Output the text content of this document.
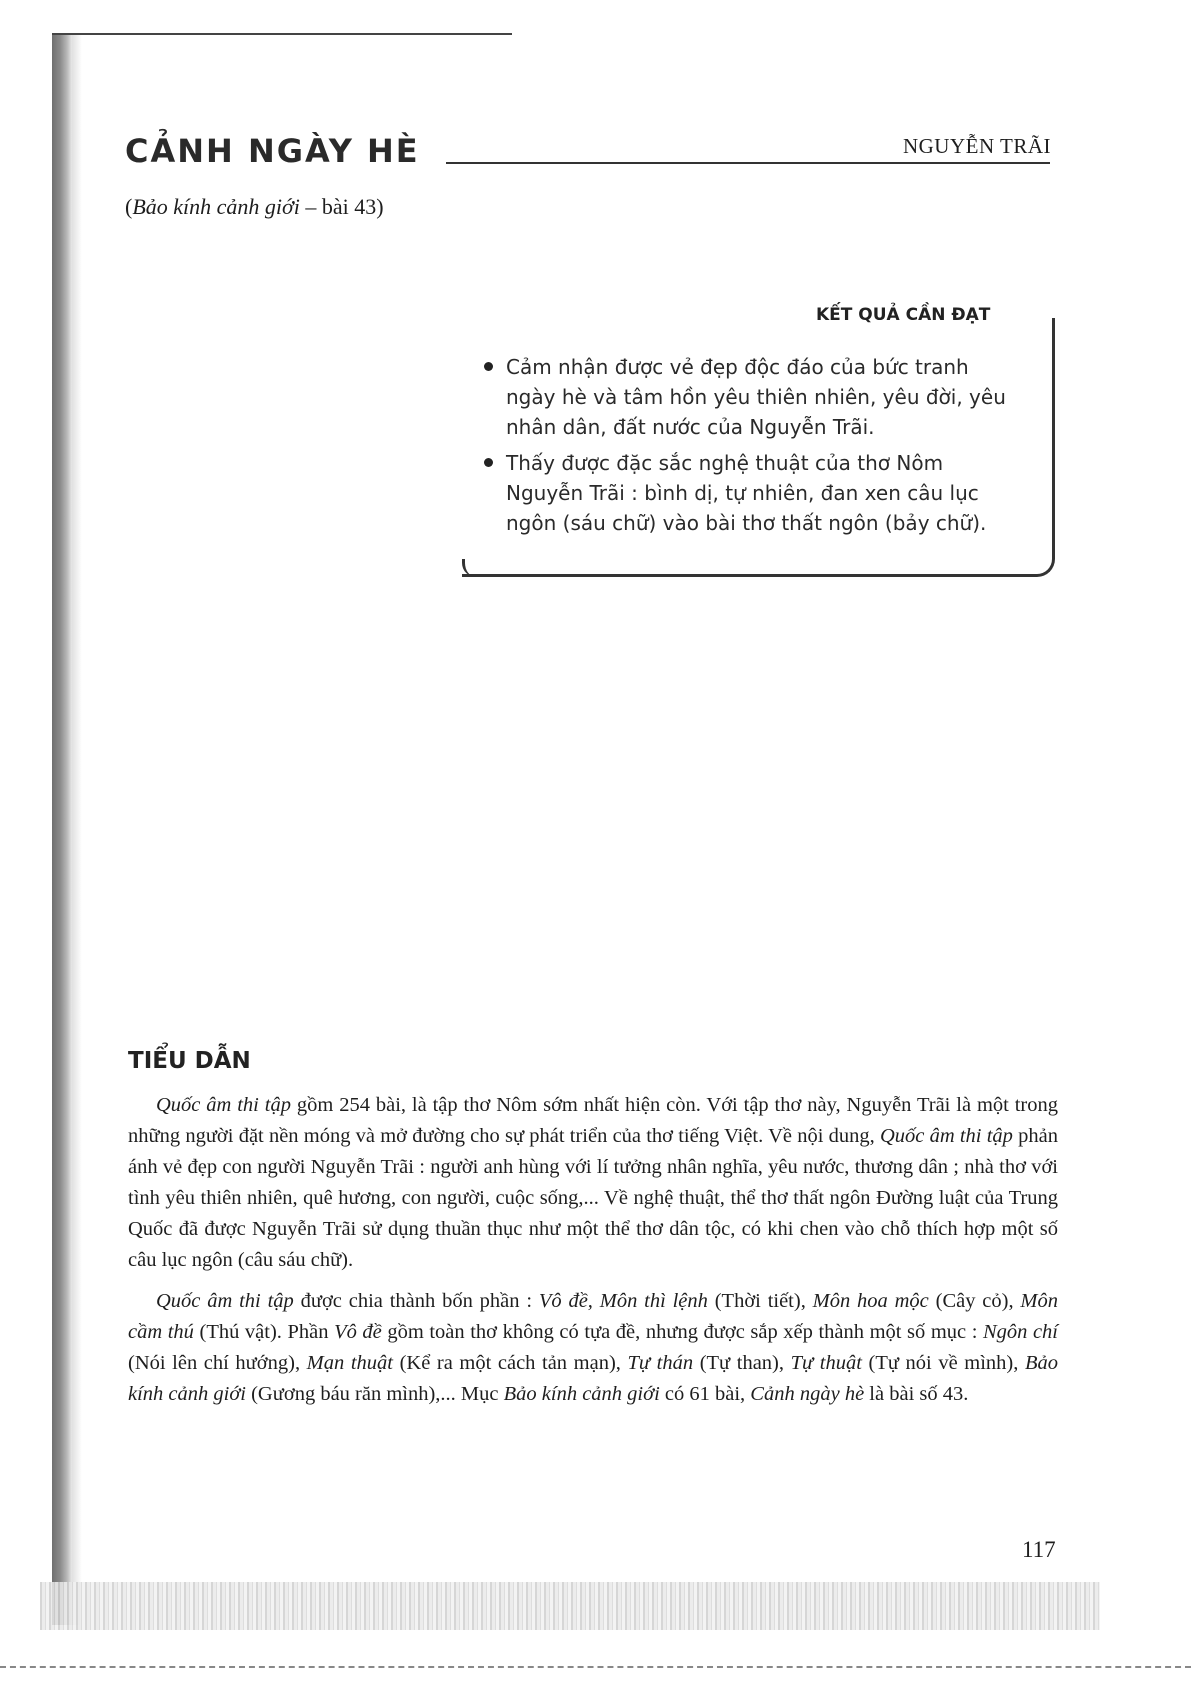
CẢNH NGÀY HÈ	NGUYỄN TRÃI
(Bảo kính cảnh giới – bài 43)
KẾT QUẢ CẦN ĐẠT
Cảm nhận được vẻ đẹp độc đáo của bức tranh ngày hè và tâm hồn yêu thiên nhiên, yêu đời, yêu nhân dân, đất nước của Nguyễn Trãi.
Thấy được đặc sắc nghệ thuật của thơ Nôm Nguyễn Trãi : bình dị, tự nhiên, đan xen câu lục ngôn (sáu chữ) vào bài thơ thất ngôn (bảy chữ).
TIỂU DẪN

Quốc âm thi tập gồm 254 bài, là tập thơ Nôm sớm nhất hiện còn. Với tập thơ này, Nguyễn Trãi là một trong những người đặt nền móng và mở đường cho sự phát triển của thơ tiếng Việt. Về nội dung, Quốc âm thi tập phản ánh vẻ đẹp con người Nguyễn Trãi : người anh hùng với lí tưởng nhân nghĩa, yêu nước, thương dân ; nhà thơ với tình yêu thiên nhiên, quê hương, con người, cuộc sống,... Về nghệ thuật, thể thơ thất ngôn Đường luật của Trung Quốc đã được Nguyễn Trãi sử dụng thuần thục như một thể thơ dân tộc, có khi chen vào chỗ thích hợp một số câu lục ngôn (câu sáu chữ).

Quốc âm thi tập được chia thành bốn phần : Vô đề, Môn thì lệnh (Thời tiết), Môn hoa mộc (Cây cỏ), Môn cầm thú (Thú vật). Phần Vô đề gồm toàn thơ không có tựa đề, nhưng được sắp xếp thành một số mục : Ngôn chí (Nói lên chí hướng), Mạn thuật (Kể ra một cách tản mạn), Tự thán (Tự than), Tự thuật (Tự nói về mình), Bảo kính cảnh giới (Gương báu răn mình),... Mục Bảo kính cảnh giới có 61 bài, Cảnh ngày hè là bài số 43.

117
